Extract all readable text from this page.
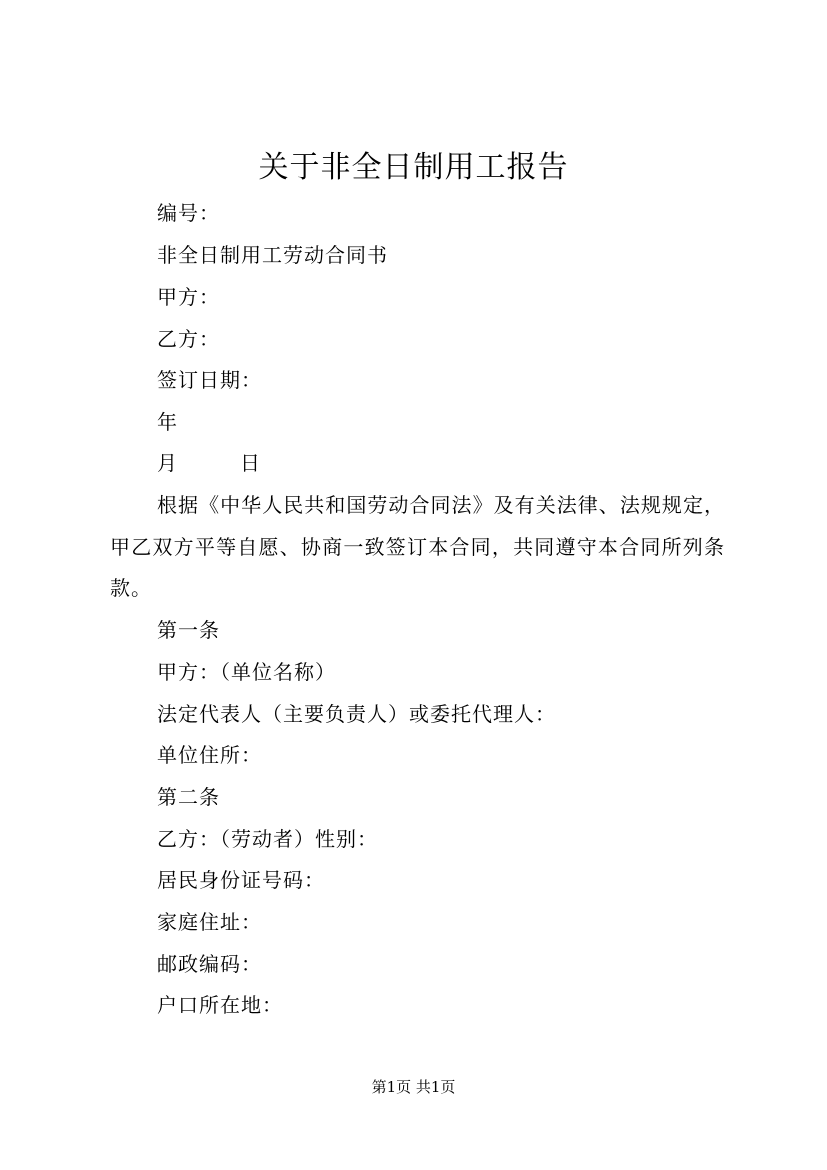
关于非全日制用工报告
编号：
非全日制用工劳动合同书
甲方：
乙方：
签订日期：
年
月	日
根据《中华人民共和国劳动合同法》及有关法律、法规规定，甲乙双方平等自愿、协商一致签订本合同，共同遵守本合同所列条款。
第一条
甲方：（单位名称）
法定代表人（主要负责人）或委托代理人：
单位住所：
第二条
乙方：（劳动者）性别：
居民身份证号码：
家庭住址：
邮政编码：
户口所在地：
第1页 共1页
